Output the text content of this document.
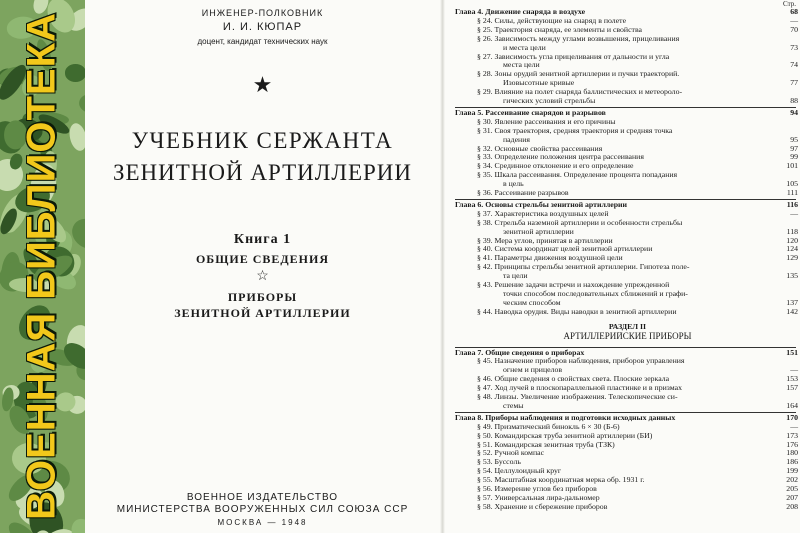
ВОЕННАЯ БИБЛИОТЕКА	ИНЖЕНЕР-ПОЛКОВНИК
И. И. КЮПАР
доцент, кандидат технических наук
★
УЧЕБНИК СЕРЖАНТА
ЗЕНИТНОЙ АРТИЛЛЕРИИ
Книга 1
ОБЩИЕ СВЕДЕНИЯ
☆
ПРИБОРЫ
ЗЕНИТНОЙ АРТИЛЛЕРИИ
ВОЕННОЕ ИЗДАТЕЛЬСТВО
МИНИСТЕРСТВА ВООРУЖЕННЫХ СИЛ СОЮЗА ССР
МОСКВА — 1948
Стр.
Глава 4. Движение снаряда в воздухе	68
§ 24. Силы, действующие на снаряд в полете	—
§ 25. Траектория снаряда, ее элементы и свойства	70
§ 26. Зависимость между углами возвышения, прицеливания
и места цели	73
§ 27. Зависимость угла прицеливания от дальности и угла
места цели	74
§ 28. Зоны орудий зенитной артиллерии и пучки траекторий.
Изовысотные кривые	77
§ 29. Влияние на полет снаряда баллистических и метеороло-
гических условий стрельбы	88
Глава 5. Рассеивание снарядов и разрывов	94
§ 30. Явление рассеивания и его причины
§ 31. Своя траектория, средняя траектория и средняя точка
падения	95
§ 32. Основные свойства рассеивания	97
§ 33. Определение положения центра рассеивания	99
§ 34. Срединное отклонение и его определение	101
§ 35. Шкала рассеивания. Определение процента попадания
в цель	105
§ 36. Рассеивание разрывов	111
Глава 6. Основы стрельбы зенитной артиллерии	116
§ 37. Характеристика воздушных целей	—
§ 38. Стрельба наземной артиллерии и особенности стрельбы
зенитной артиллерии	118
§ 39. Мера углов, принятая в артиллерии	120
§ 40. Система координат целей зенитной артиллерии	124
§ 41. Параметры движения воздушной цели	129
§ 42. Принципы стрельбы зенитной артиллерии. Гипотеза поле-
та цели	135
§ 43. Решение задачи встречи и нахождение упрежденной
точки способом последовательных сближений и графи-
ческим способом	137
§ 44. Наводка орудия. Виды наводки в зенитной артиллерии	142
РАЗДЕЛ II
АРТИЛЛЕРИЙСКИЕ ПРИБОРЫ
Глава 7. Общие сведения о приборах	151
§ 45. Назначение приборов наблюдения, приборов управления
огнем и прицелов	—
§ 46. Общие сведения о свойствах света. Плоские зеркала	153
§ 47. Ход лучей в плоскопараллельной пластинке и в призмах	157
§ 48. Линзы. Увеличение изображения. Телескопические си-
стемы	164
Глава 8. Приборы наблюдения и подготовки исходных данных	170
§ 49. Призматический бинокль 6 × 30 (Б-6)	—
§ 50. Командирская труба зенитной артиллерии (БИ)	173
§ 51. Командирская зенитная труба (ТЗК)	176
§ 52. Ручной компас	180
§ 53. Буссоль	186
§ 54. Целлулоидный круг	199
§ 55. Масштабная координатная мерка обр. 1931 г.	202
§ 56. Измерение углов без приборов	205
§ 57. Универсальная лира-дальномер	207
§ 58. Хранение и сбережение приборов	208
